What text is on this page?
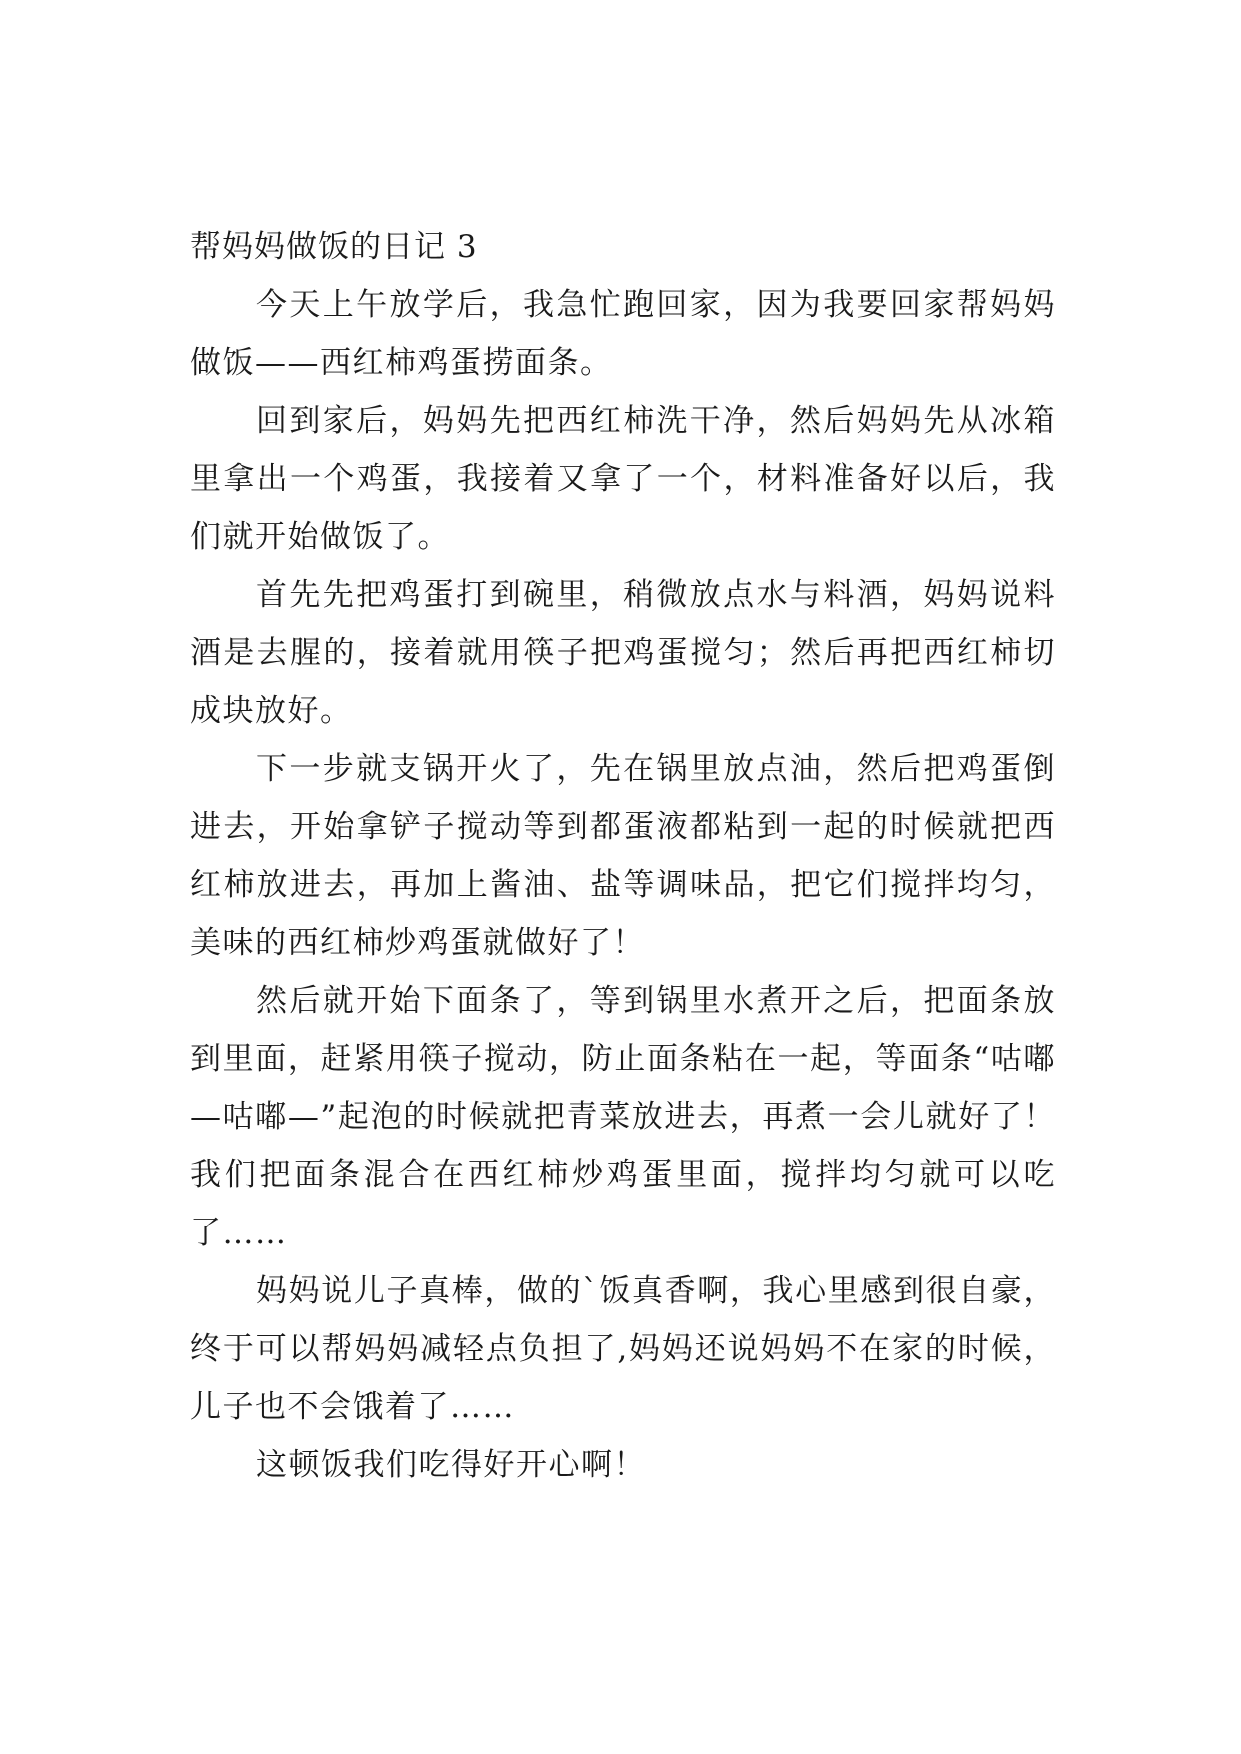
帮妈妈做饭的日记 3

今天上午放学后，我急忙跑回家，因为我要回家帮妈妈做饭——西红柿鸡蛋捞面条。

回到家后，妈妈先把西红柿洗干净，然后妈妈先从冰箱里拿出一个鸡蛋，我接着又拿了一个，材料准备好以后，我们就开始做饭了。

首先先把鸡蛋打到碗里，稍微放点水与料酒，妈妈说料酒是去腥的，接着就用筷子把鸡蛋搅匀；然后再把西红柿切成块放好。

下一步就支锅开火了，先在锅里放点油，然后把鸡蛋倒进去，开始拿铲子搅动等到都蛋液都粘到一起的时候就把西红柿放进去，再加上酱油、盐等调味品，把它们搅拌均匀，美味的西红柿炒鸡蛋就做好了！

然后就开始下面条了，等到锅里水煮开之后，把面条放到里面，赶紧用筷子搅动，防止面条粘在一起，等面条“咕嘟—咕嘟—”起泡的时候就把青菜放进去，再煮一会儿就好了！我们把面条混合在西红柿炒鸡蛋里面，搅拌均匀就可以吃了……

妈妈说儿子真棒，做的`饭真香啊，我心里感到很自豪，终于可以帮妈妈减轻点负担了,妈妈还说妈妈不在家的时候，儿子也不会饿着了……

这顿饭我们吃得好开心啊！
